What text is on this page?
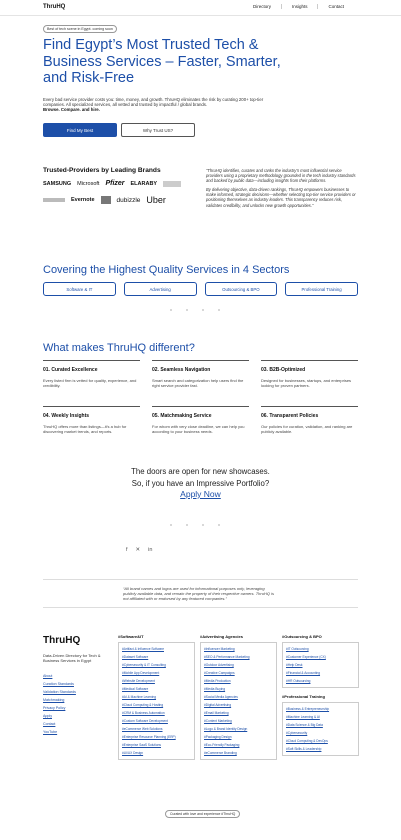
ThruHQ	Directory	Insights	Contact
Best of tech scene in Egypt. coming soon
Find Egypt’s Most Trusted Tech & Business Services – Faster, Smarter, and Risk-Free
Every bad service provider costs you: time, money, and growth. ThruHQ eliminates the risk by curating 200+ top-tier companies. All specialized services, all vetted and trusted by impactful / global brands.
Browse. Compare. and hire.
Find My Best	Why Trust US?
Trusted-Providers by Leading Brands
SAMSUNG Microsoft Pfizer ELARABY
Evernote	dubizzle Uber

“ThruHQ identifies, curates and ranks the industry's most influential service providers using a proprietary methodology grounded in the tech industry standards and backed by public data—including insights from their platforms.

By delivering objective, data-driven rankings, ThruHQ empowers businesses to make informed, strategic decisions—whether selecting top-tier service providers or positioning themselves as industry leaders. This transparency reduces risk, validates credibility, and unlocks new growth opportunities.”

Covering the Highest Quality Services in 4 Sectors
Software & IT	Advertising	Outsourcing & BPO	Professional Training
What makes ThruHQ different?
01. Curated Excellence

Every listed firm is vetted for quality, experience, and credibility.

02. Seamless Navigation

Smart search and categorization help users find the right service provider fast.

03. B2B-Optimized

Designed for businesses, startups, and enterprises looking for proven partners.

04. Weekly Insights

ThruHQ offers more than listings—it's a hub for discovering market trends, and reports.

05. Matchmaking Service

For whom with very close deadline, we can help you according to your business needs.

06. Transparent Policies

Our policies for curation, validation, and ranking are publicly available.

The doors are open for new showcases.
So, if you have an Impressive Portfolio?
Apply Now
f ✕ in
“All brand names and logos are used for informational purposes only, leveraging publicly available data, and remain the property of their respective owners. ThruHQ is not affiliated with or endorsed by any featured companies.”
ThruHQ
Data-Driven Directory for Tech & Business Services in Egypt
About
Curation Standards
Validation Standards
Matchmaking
Privacy Policy
Apply
Contact
YouTube
#Software&IT
#Artifact & Influence Software
#Dataset Software
#Cybersecurity & IT Consulting
#Mobile App Development
#Website Development
#Medical Software
#AI & Machine Learning
#Cloud Computing & Hosting
#CRM & Business Automation
#Custom Software Development
#eCommerce Web Solutions
#Enterprise Resource Planning (ERP)
#Enterprise SaaS Solutions
#UI/UX Design
#Advertising Agencies
#Influencer Marketing
#SEO & Performance Marketing
#Outdoor Advertising
#Creative Campaigns
#Media Production
#Media Buying
#Social Media Agencies
#Digital Advertising
#Email Marketing
#Content Marketing
#Logo & Brand Identity Design
#Packaging Design
#Eco-Friendly Packaging
#eCommerce Branding
#Outsourcing & BPO
#IT Outsourcing
#Customer Experience (CX)
#Help Desk
#Financial & Accounting
#HR Outsourcing
#Professional Training
#Business & Entrepreneurship
#Machine Learning & AI
#Data Science & Big Data
#Cybersecurity
#Cloud Computing & DevOps
#Soft Skills & Leadership
Curated with love and experience #ThruHQ
